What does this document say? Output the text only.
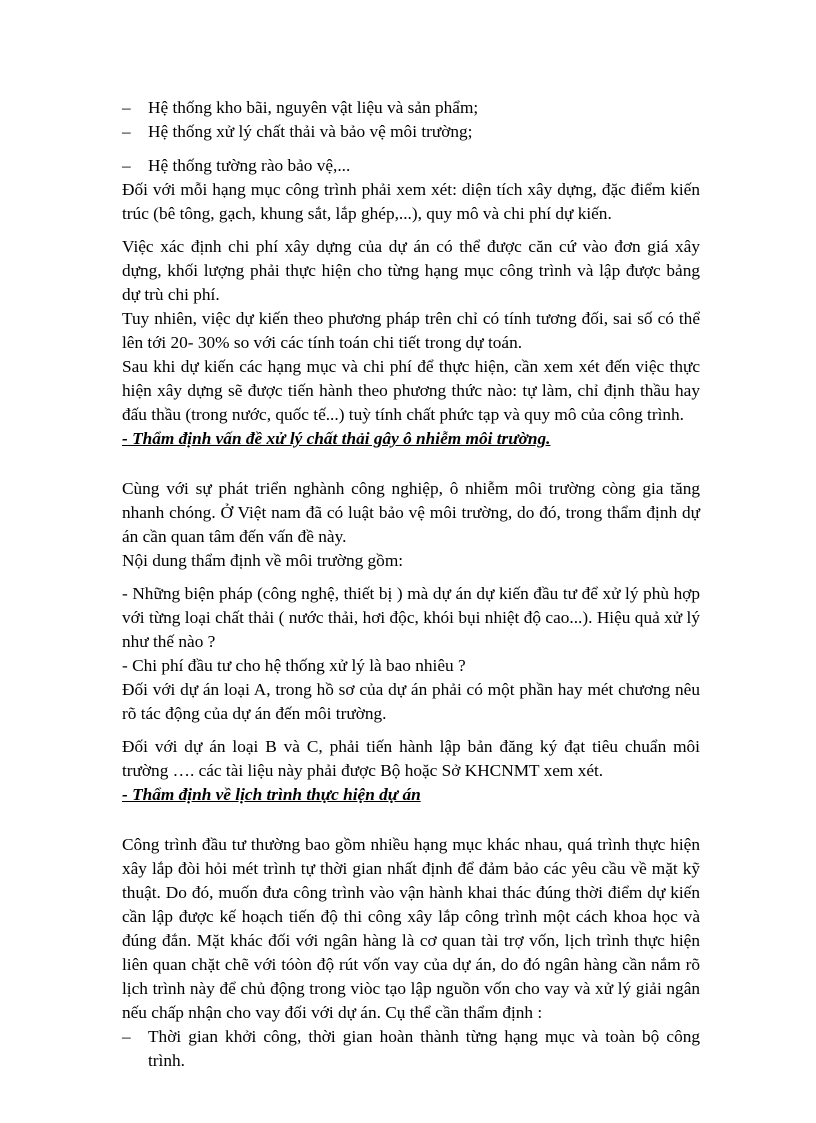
–	Hệ thống kho bãi, nguyên vật liệu và sản phẩm;
–	Hệ thống xử lý chất thải và bảo vệ môi trường;
–	Hệ thống tường rào bảo vệ,...

Đối với mỗi hạng mục công trình phải xem xét: diện tích xây dựng, đặc điểm kiến trúc (bê tông, gạch, khung sắt, lắp ghép,...), quy mô và chi phí dự kiến.

Việc xác định chi phí xây dựng của dự án có thể được căn cứ vào đơn giá xây dựng, khối lượng phải thực hiện cho từng hạng mục công trình và lập được bảng dự trù chi phí.

Tuy nhiên, việc dự kiến theo phương pháp trên chỉ có tính tương đối, sai số có thể lên tới 20- 30% so với các tính toán chi tiết trong dự toán.

Sau khi dự kiến các hạng mục và chi phí để thực hiện, cần xem xét đến việc thực hiện xây dựng sẽ được tiến hành theo phương thức nào: tự làm, chỉ định thầu hay đấu thầu (trong nước, quốc tế...) tuỳ tính chất phức tạp và quy mô của công trình.

- Thẩm định vấn đề xử lý chất thải gây ô nhiễm môi trường.

Cùng với sự phát triển nghành công nghiệp, ô nhiễm môi trường còng gia tăng nhanh chóng. Ở Việt nam đã có luật bảo vệ môi trường, do đó, trong thẩm định dự án cần quan tâm đến vấn đề này.

Nội dung thẩm định về môi trường gồm:

- Những biện pháp (công nghệ, thiết bị ) mà dự án dự kiến đầu tư để xử lý phù hợp với từng loại chất thải ( nước thải, hơi độc, khói bụi nhiệt độ cao...). Hiệu quả xử lý như thế nào ?

- Chi phí đầu tư cho hệ thống xử lý là bao nhiêu ?

Đối với dự án loại A, trong hồ sơ của dự án phải có một phần hay mét chương nêu rõ tác động của dự án đến môi trường.

Đối với dự án loại B và C, phải tiến hành lập bản đăng ký đạt tiêu chuẩn môi trường …. các tài liệu này phải được Bộ hoặc Sở KHCNMT xem xét.

- Thẩm định về lịch trình thực hiện dự án

Công trình đầu tư thường bao gồm nhiều hạng mục khác nhau, quá trình thực hiện xây lắp đòi hỏi mét trình tự thời gian nhất định để đảm bảo các yêu cầu về mặt kỹ thuật. Do đó, muốn đưa công trình vào vận hành khai thác đúng thời điểm dự kiến cần lập được kế hoạch tiến độ thi công xây lắp công trình một cách khoa học và đúng đắn. Mặt khác đối với ngân hàng là cơ quan tài trợ vốn, lịch trình thực hiện liên quan chặt chẽ với tóòn độ rút vốn vay của dự án, do đó ngân hàng cần nắm rõ lịch trình này để chủ động trong viòc tạo lập nguồn vốn cho vay và xử lý giải ngân nếu chấp nhận cho vay đối với dự án. Cụ thể cần thẩm định :

–	Thời gian khởi công, thời gian hoàn thành từng hạng mục và toàn bộ công trình.
